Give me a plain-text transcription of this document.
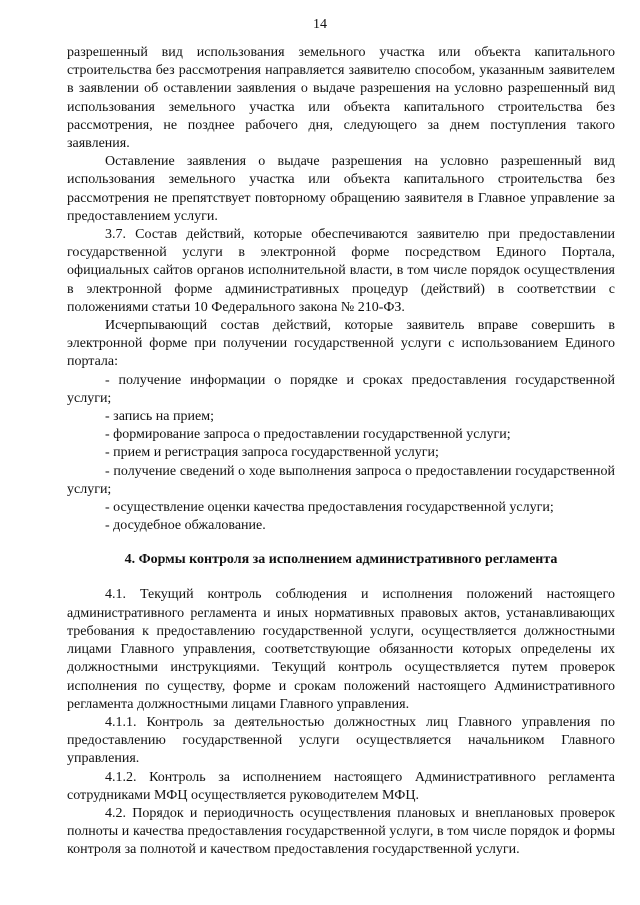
14

разрешенный вид использования земельного участка или объекта капитального строительства без рассмотрения направляется заявителю способом, указанным заявителем в заявлении об оставлении заявления о выдаче разрешения на условно разрешенный вид использования земельного участка или объекта капитального строительства без рассмотрения, не позднее рабочего дня, следующего за днем поступления такого заявления.

Оставление заявления о выдаче разрешения на условно разрешенный вид использования земельного участка или объекта капитального строительства без рассмотрения не препятствует повторному обращению заявителя в Главное управление за предоставлением услуги.

3.7. Состав действий, которые обеспечиваются заявителю при предоставлении государственной услуги в электронной форме посредством Единого Портала, официальных сайтов органов исполнительной власти, в том числе порядок осуществления в электронной форме административных процедур (действий) в соответствии с положениями статьи 10 Федерального закона № 210-ФЗ.

Исчерпывающий состав действий, которые заявитель вправе совершить в электронной форме при получении государственной услуги с использованием Единого портала:

- получение информации о порядке и сроках предоставления государственной услуги;

- запись на прием;

- формирование запроса о предоставлении государственной услуги;

- прием и регистрация запроса государственной услуги;

- получение сведений о ходе выполнения запроса о предоставлении государственной услуги;

- осуществление оценки качества предоставления государственной услуги;

- досудебное обжалование.

4. Формы контроля за исполнением административного регламента

4.1. Текущий контроль соблюдения и исполнения положений настоящего административного регламента и иных нормативных правовых актов, устанавливающих требования к предоставлению государственной услуги, осуществляется должностными лицами Главного управления, соответствующие обязанности которых определены их должностными инструкциями. Текущий контроль осуществляется путем проверок исполнения по существу, форме и срокам положений настоящего Административного регламента должностными лицами Главного управления.

4.1.1. Контроль за деятельностью должностных лиц Главного управления по предоставлению государственной услуги осуществляется начальником Главного управления.

4.1.2. Контроль за исполнением настоящего Административного регламента сотрудниками МФЦ осуществляется руководителем МФЦ.

4.2. Порядок и периодичность осуществления плановых и внеплановых проверок полноты и качества предоставления государственной услуги, в том числе порядок и формы контроля за полнотой и качеством предоставления государственной услуги.
